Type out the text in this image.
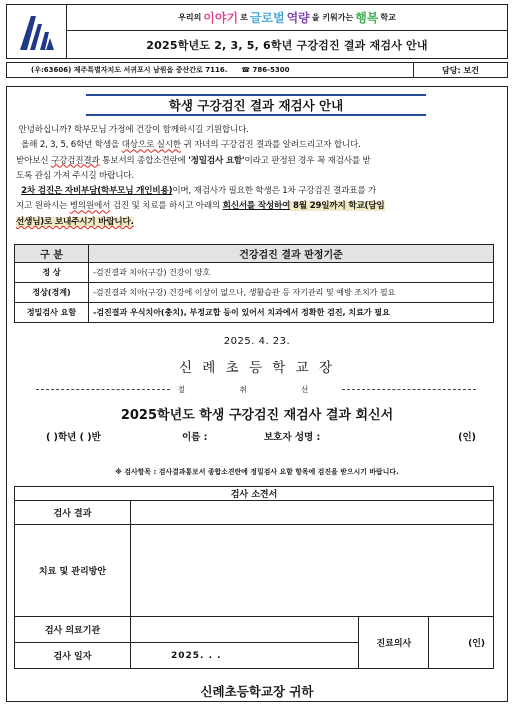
우리의 이야기 로 글로벌 역량 을 키워가는 행복 학교
2025학년도 2, 3, 5, 6학년 구강검진 결과 재검사 안내
(우:63606) 제주특별자치도 서귀포시 남원읍 중산간로 7116. ☎ 786-5300	담당: 보건
학생 구강검진 결과 재검사 안내

안녕하십니까? 학부모님 가정에 건강이 함께하시길 기원합니다.

올해 2, 3, 5, 6학년 학생을 대상으로 실시한 귀 자녀의 구강검진 결과를 알려드리고자 합니다.

받아보신 구강검진결과 통보서의 종합소견란에 '정밀검사 요함'이라고 판정된 경우 꼭 재검사를 받

도록 관심 가져 주시길 바랍니다.

2차 검진은 자비부담(학부모님 개인비용)이며, 재검사가 필요한 학생은 1차 구강검진 결과표를 가

지고 원하시는 병의원에서 검진 및 치료를 하시고 아래의 회신서를 작성하여 8월 29일까지 학교(담임

선생님)로 보내주시기 바랍니다.

구 분	건강검진 결과 판정기준
정 상	-검진결과 치아(구강) 건강이 양호
정상(경계)	-검진결과 치아(구강) 건강에 이상이 없으나, 생활습관 등 자기관리 및 예방 조치가 필요
정밀검사 요함	-검진결과 우식치아(충치), 부정교합 등이 있어서 치과에서 정확한 검진, 치료가 필요
2025. 4. 23.
신 례 초 등 학 교 장
절 취 선
2025학년도 학생 구강검진 재검사 결과 회신서
( )학년 ( )반	이름 :	보호자 성명 :	(인)
※ 검사항목 : 검사결과통보서 종합소견란에 정밀검사 요함 항목에 검진을 받으시기 바랍니다.
검사 소견서			
검사 결과			
치료 및 관리방안			
검사 의료기관		진료의사	(인)
검사 일자	2025. . .		
신례초등학교장 귀하
